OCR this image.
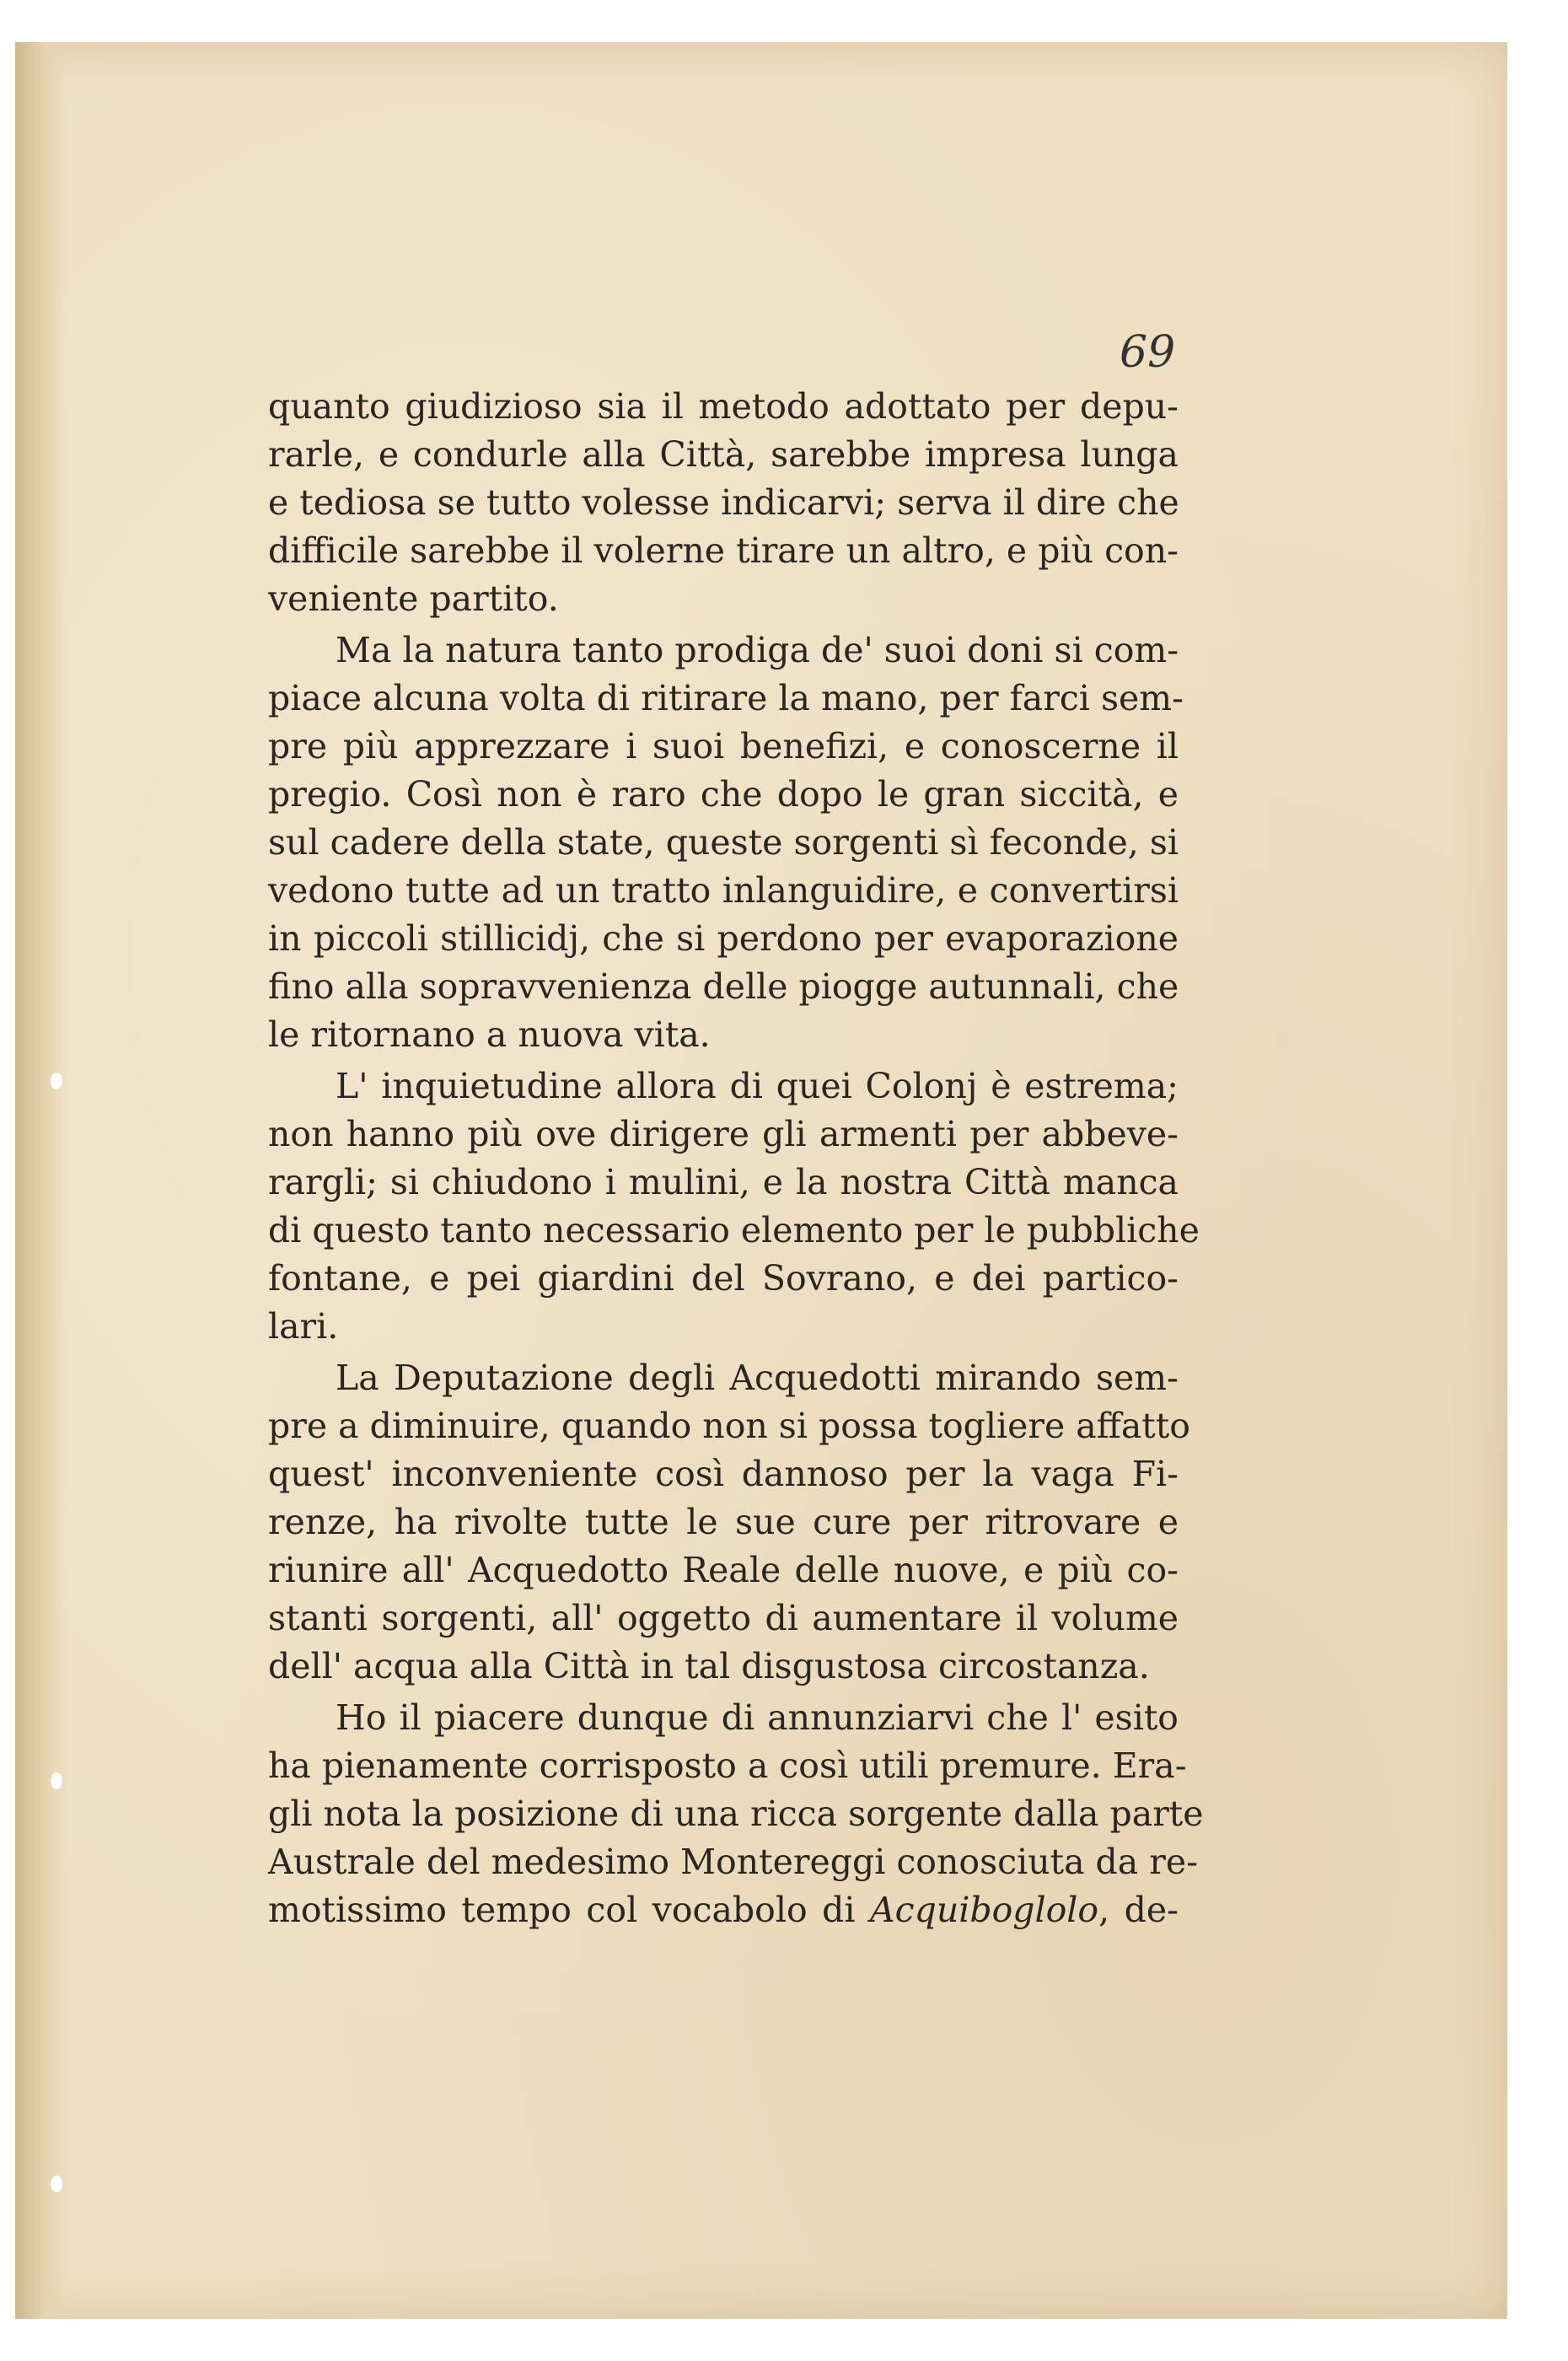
69
quanto giudizioso sia il metodo adottato per depu-
rarle, e condurle alla Città, sarebbe impresa lunga
e tediosa se tutto volesse indicarvi; serva il dire che
difficile sarebbe il volerne tirare un altro, e più con-
veniente partito.
Ma la natura tanto prodiga de' suoi doni si com-
piace alcuna volta di ritirare la mano, per farci sem-
pre più apprezzare i suoi benefizi, e conoscerne il
pregio. Così non è raro che dopo le gran siccità, e
sul cadere della state, queste sorgenti sì feconde, si
vedono tutte ad un tratto inlanguidire, e convertirsi
in piccoli stillicidj, che si perdono per evaporazione
fino alla sopravvenienza delle piogge autunnali, che
le ritornano a nuova vita.
L' inquietudine allora di quei Colonj è estrema;
non hanno più ove dirigere gli armenti per abbeve-
rargli; si chiudono i mulini, e la nostra Città manca
di questo tanto necessario elemento per le pubbliche
fontane, e pei giardini del Sovrano, e dei partico-
lari.
La Deputazione degli Acquedotti mirando sem-
pre a diminuire, quando non si possa togliere affatto
quest' inconveniente così dannoso per la vaga Fi-
renze, ha rivolte tutte le sue cure per ritrovare e
riunire all' Acquedotto Reale delle nuove, e più co-
stanti sorgenti, all' oggetto di aumentare il volume
dell' acqua alla Città in tal disgustosa circostanza.
Ho il piacere dunque di annunziarvi che l' esito
ha pienamente corrisposto a così utili premure. Era-
gli nota la posizione di una ricca sorgente dalla parte
Australe del medesimo Montereggi conosciuta da re-
motissimo tempo col vocabolo di Acquiboglolo, de-
